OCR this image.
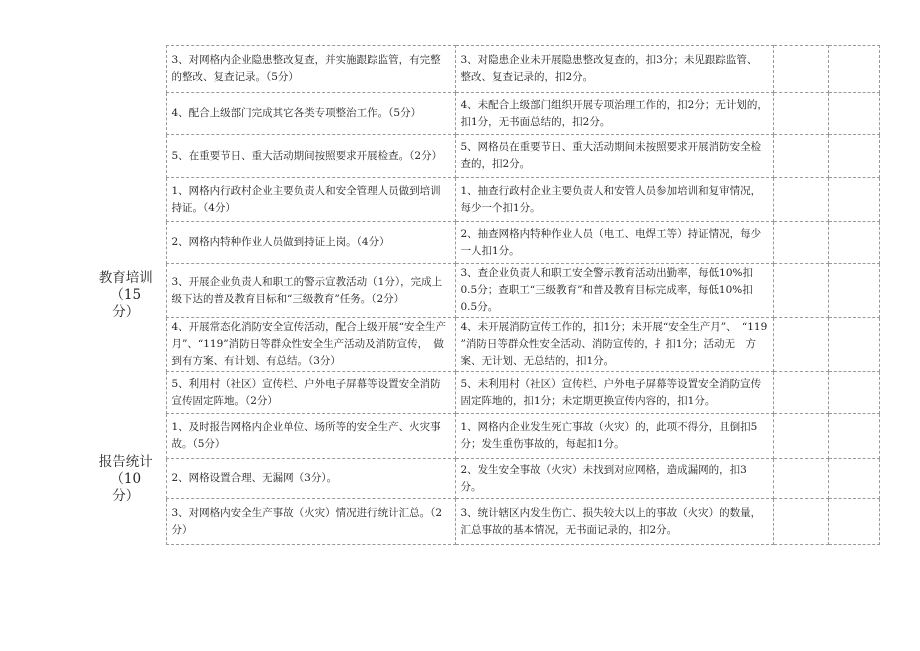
	3、对网格内企业隐患整改复查，并实施跟踪监管，有完整的整改、复查记录。（5分）	3、对隐患企业未开展隐患整改复查的，扣3分；未见跟踪监管、整改、复查记录的，扣2分。		
	4、配合上级部门完成其它各类专项整治工作。（5分）	4、未配合上级部门组织开展专项治理工作的，扣2分；无计划的，　扣1分，无书面总结的，扣2分。		
	5、在重要节日、重大活动期间按照要求开展检查。（2分）	5、网格员在重要节日、重大活动期间未按照要求开展消防安全检查的，扣2分。		

教育培训
（15
分）	1、网格内行政村企业主要负责人和安全管理人员做到培训持证。（4分）	1、抽查行政村企业主要负责人和安管人员参加培训和复审情况，每少一个扣1分。		
	2、网格内特种作业人员做到持证上岗。（4分）	2、抽查网格内特种作业人员（电工、电焊工等）持证情况，每少一人扣1分。		
	3、开展企业负责人和职工的警示宣教活动（1分），完成上级下达的普及教育目标和“三级教育”任务。（2分）	3、查企业负责人和职工安全警示教育活动出勤率，每低10%扣0.5分；查职工“三级教育”和普及教育目标完成率，每低10%扣0.5分。		
	4、开展常态化消防安全宣传活动，配合上级开展“安全生产月”、“119”消防日等群众性安全生产活动及消防宣传，　做到有方案、有计划、有总结。（3分）	4、未开展消防宣传工作的，扣1分；未开展“安全生产月”、　“119 ”消防日等群众性安全活动、消防宣传的，扌扣1分；活动无　方案、无计划、无总结的，扣1分。		
	5、利用村（社区）宣传栏、户外电子屏幕等设置安全消防宣传固定阵地。（2分）	5、未利用村（社区）宣传栏、户外电子屏幕等设置安全消防宣传固定阵地的，扣1分；未定期更换宣传内容的，扣1分。		

报告统计
（10
分）	1、及时报告网格内企业单位、场所等的安全生产、火灾事故。（5分）	1、网格内企业发生死亡事故（火灾）的，此项不得分，且倒扣5分；发生重伤事故的，每起扣1分。		
	2、网格设置合理、无漏网（3分）。	2、发生安全事故（火灾）未找到对应网格，造成漏网的，扣3分。		
	3、对网格内安全生产事故（火灾）情况进行统计汇总。（2 分）	3、统计辖区内发生伤亡、损失较大以上的事故（火灾）的数量，汇总事故的基本情况，无书面记录的，扣2分。		
